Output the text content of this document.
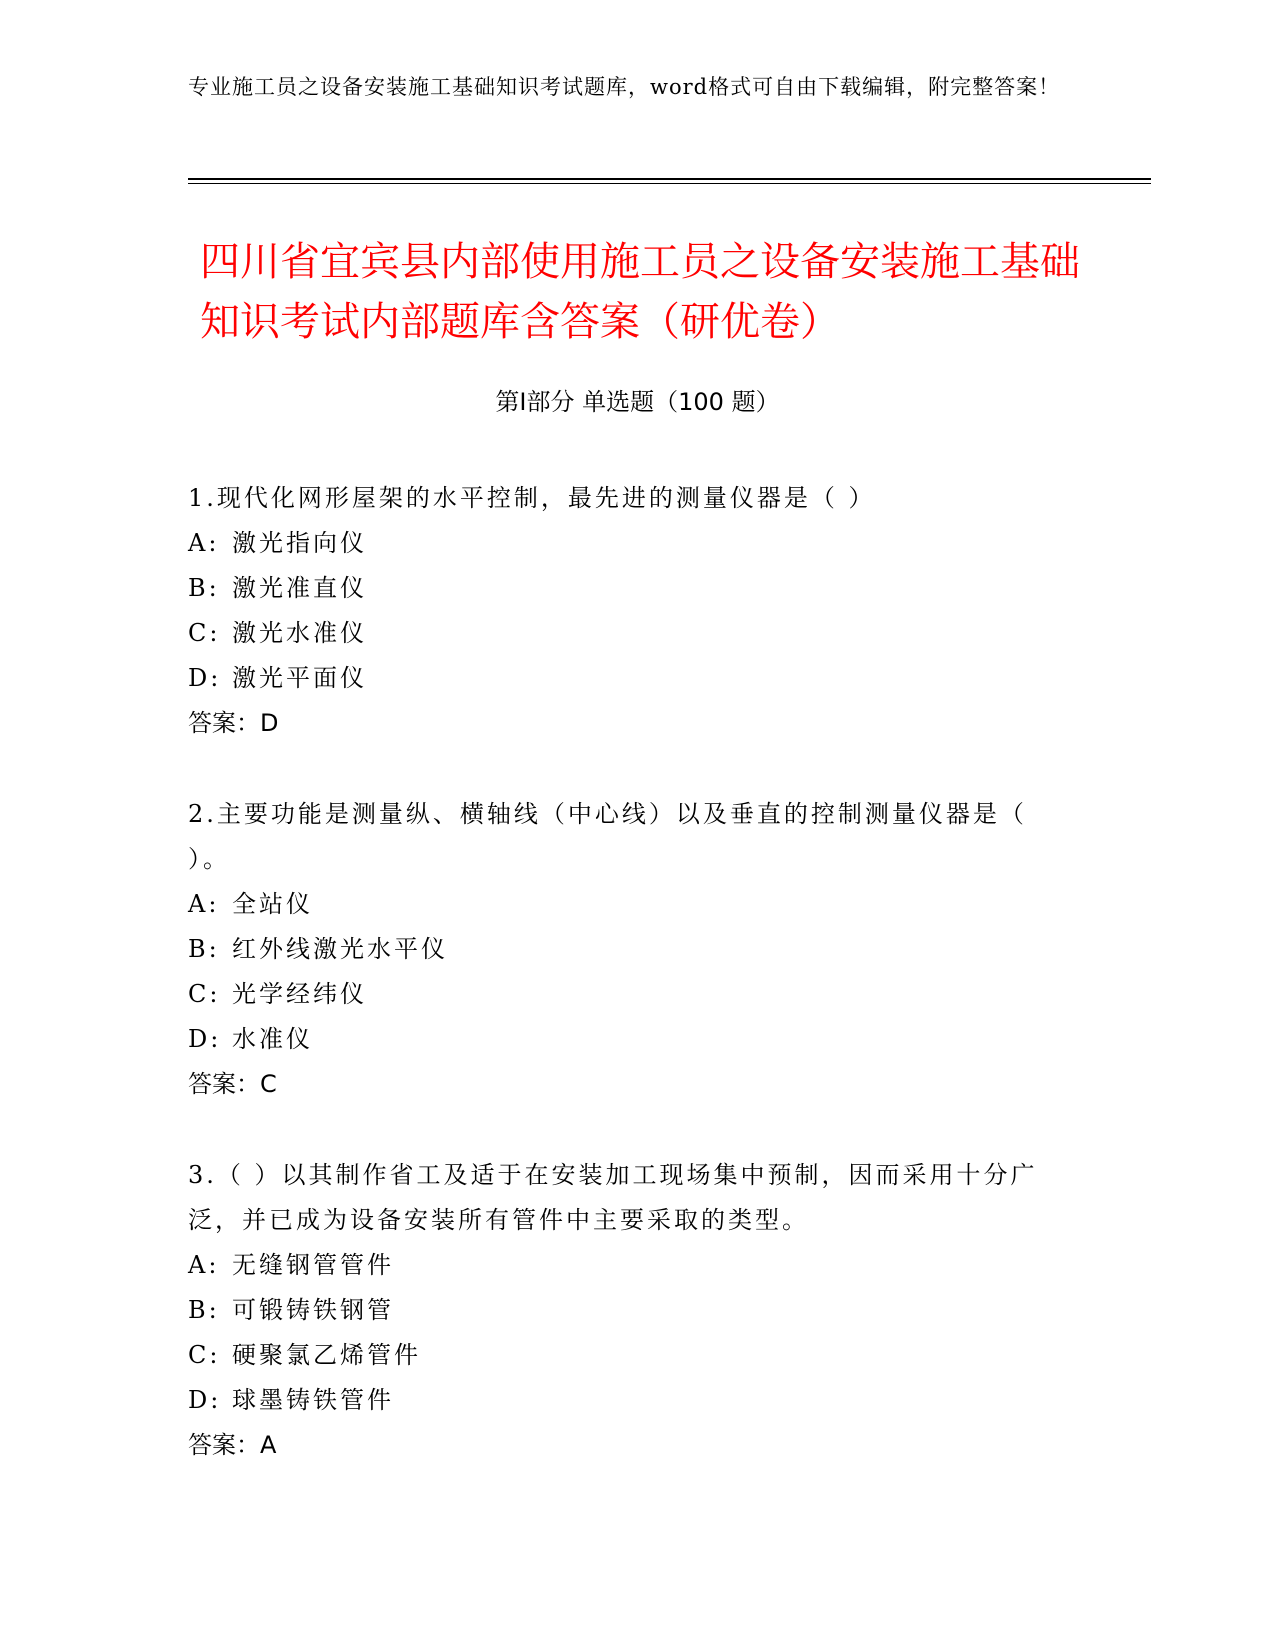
专业施工员之设备安装施工基础知识考试题库，word格式可自由下载编辑，附完整答案！
四川省宜宾县内部使用施工员之设备安装施工基础知识考试内部题库含答案（研优卷）
第Ⅰ部分 单选题（100 题）
1.现代化网形屋架的水平控制，最先进的测量仪器是（ ）
A: 激光指向仪
B: 激光准直仪
C: 激光水准仪
D: 激光平面仪
答案：D
2.主要功能是测量纵、横轴线（中心线）以及垂直的控制测量仪器是（ ）。
A: 全站仪
B: 红外线激光水平仪
C: 光学经纬仪
D: 水准仪
答案：C
3.（ ）以其制作省工及适于在安装加工现场集中预制，因而采用十分广泛，并已成为设备安装所有管件中主要采取的类型。
A: 无缝钢管管件
B: 可锻铸铁钢管
C: 硬聚氯乙烯管件
D: 球墨铸铁管件
答案：A
